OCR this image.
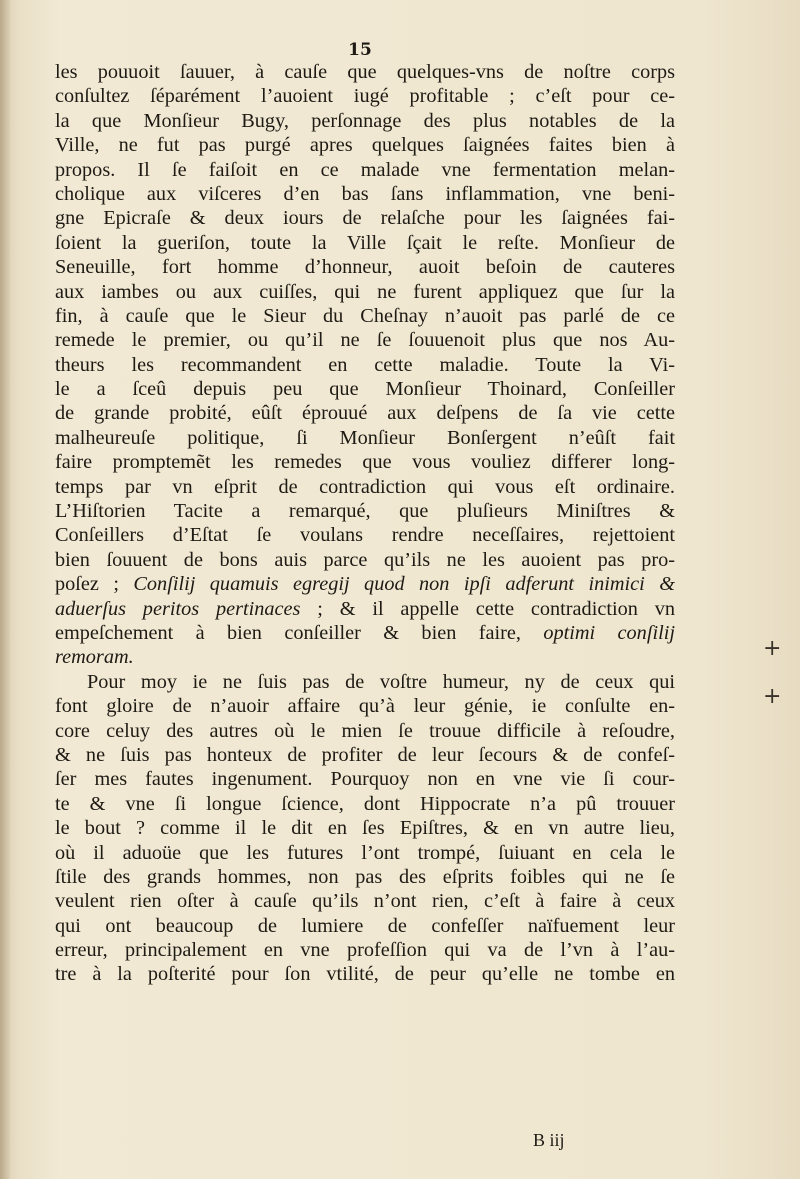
15
les pouuoit ſauuer, à cauſe que quelques-vns de noſtre corps
conſultez ſéparément l’auoient iugé profitable ; c’eſt pour ce-
la que Monſieur Bugy, perſonnage des plus notables de la
Ville, ne fut pas purgé apres quelques ſaignées faites bien à
propos. Il ſe faiſoit en ce malade vne fermentation melan-
cholique aux viſceres d’en bas ſans inflammation, vne beni-
gne Epicraſe & deux iours de relaſche pour les ſaignées fai-
ſoient la gueriſon, toute la Ville ſçait le reſte. Monſieur de
Seneuille, fort homme d’honneur, auoit beſoin de cauteres
aux iambes ou aux cuiſſes, qui ne furent appliquez que ſur la
fin, à cauſe que le Sieur du Cheſnay n’auoit pas parlé de ce
remede le premier, ou qu’il ne ſe ſouuenoit plus que nos Au-
theurs les recommandent en cette maladie. Toute la Vi-
le a ſceû depuis peu que Monſieur Thoinard, Conſeiller
de grande probité, eûſt éprouué aux deſpens de ſa vie cette
malheureuſe politique, ſi Monſieur Bonſergent n’eûſt fait
faire promptemẽt les remedes que vous vouliez differer long-
temps par vn eſprit de contradiction qui vous eſt ordinaire.
L’Hiſtorien Tacite a remarqué, que pluſieurs Miniſtres &
Conſeillers d’Eſtat ſe voulans rendre neceſſaires, rejettoient
bien ſouuent de bons auis parce qu’ils ne les auoient pas pro-
poſez ; Conſilij quamuis egregij quod non ipſi adferunt inimici &
aduerſus peritos pertinaces ; & il appelle cette contradiction vn
empeſchement à bien conſeiller & bien faire, optimi conſilij
remoram.
Pour moy ie ne ſuis pas de voſtre humeur, ny de ceux qui
font gloire de n’auoir affaire qu’à leur génie, ie conſulte en-
core celuy des autres où le mien ſe trouue difficile à reſoudre,
& ne ſuis pas honteux de profiter de leur ſecours & de confeſ-
ſer mes fautes ingenument. Pourquoy non en vne vie ſi cour-
te & vne ſi longue ſcience, dont Hippocrate n’a pû trouuer
le bout ? comme il le dit en ſes Epiſtres, & en vn autre lieu,
où il aduoüe que les futures l’ont trompé, ſuiuant en cela le
ſtile des grands hommes, non pas des eſprits foibles qui ne ſe
veulent rien oſter à cauſe qu’ils n’ont rien, c’eſt à faire à ceux
qui ont beaucoup de lumiere de confeſſer naïfuement leur
erreur, principalement en vne profeſſion qui va de l’vn à l’au-
tre à la poſterité pour ſon vtilité, de peur qu’elle ne tombe en
+
+
B iij
